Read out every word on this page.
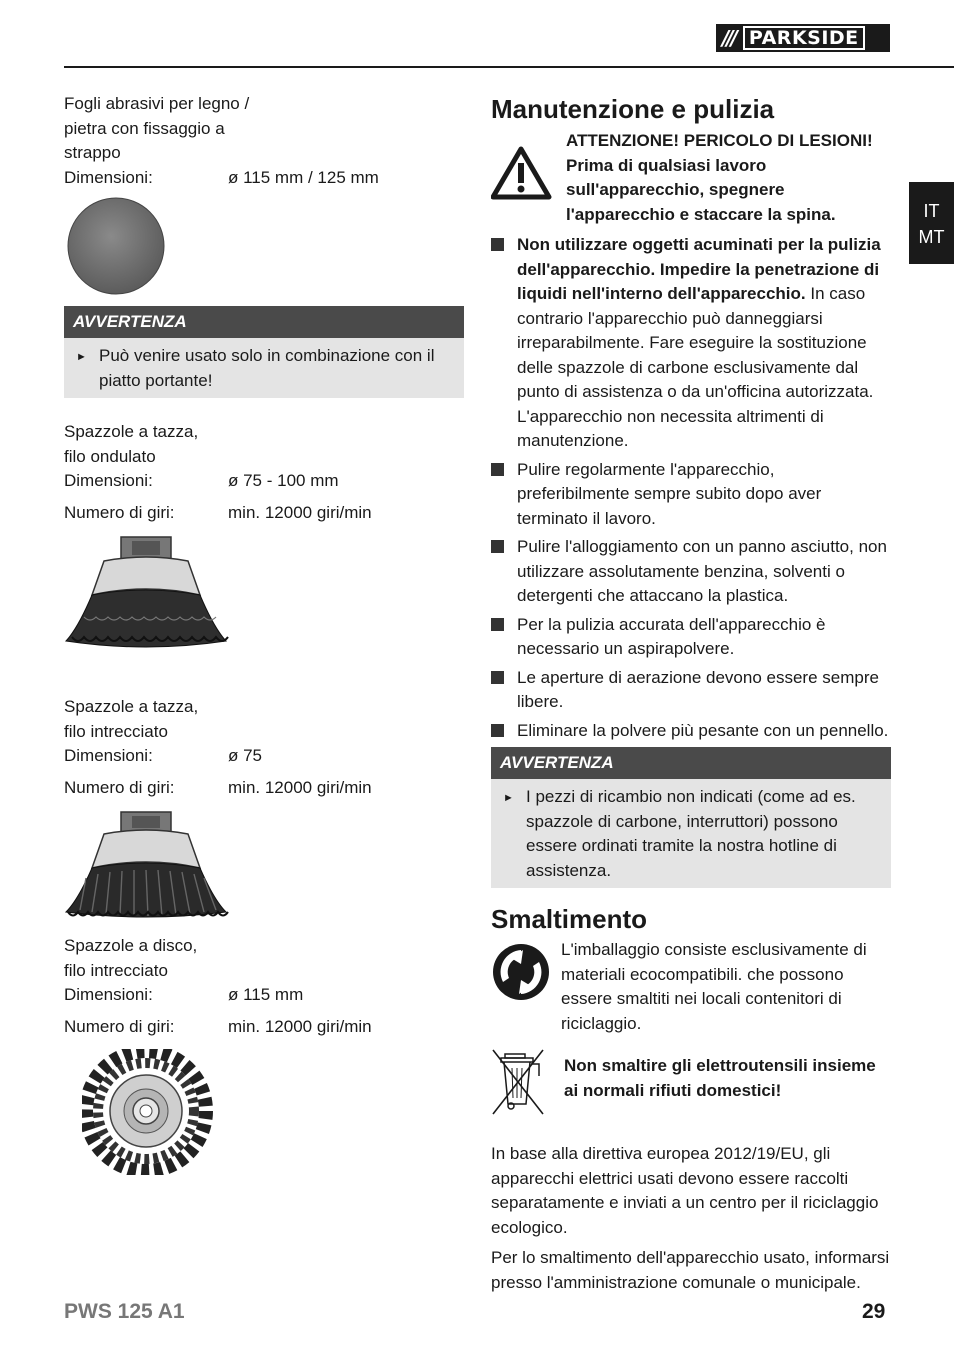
/// PARKSIDE
IT
MT
Fogli abrasivi per legno /
pietra con fissaggio a
strappo
Dimensioni:	ø 115 mm / 125 mm
AVVERTENZA
► Può venire usato solo in combinazione con il piatto portante!
Spazzole a tazza,
filo ondulato
Dimensioni:	ø 75 - 100 mm
Numero di giri:	min. 12000 giri/min
Spazzole a tazza,
filo intrecciato
Dimensioni:	ø 75
Numero di giri:	min. 12000 giri/min
Spazzole a disco,
filo intrecciato
Dimensioni:	ø 115 mm
Numero di giri:	min. 12000 giri/min
Manutenzione e pulizia
ATTENZIONE! PERICOLO DI LESIONI! Prima di qualsiasi lavoro sull'apparecchio, spegnere l'apparecchio e staccare la spina.
Non utilizzare oggetti acuminati per la pulizia dell'apparecchio. Impedire la penetrazione di liquidi nell'interno dell'apparecchio. In caso contrario l'apparecchio può danneggiarsi irreparabilmente. Fare eseguire la sostituzione delle spazzole di carbone esclusivamente dal punto di assistenza o da un'officina autorizzata. L'apparecchio non necessita altrimenti di manutenzione.
Pulire regolarmente l'apparecchio, preferibilmente sempre subito dopo aver terminato il lavoro.
Pulire l'alloggiamento con un panno asciutto, non utilizzare assolutamente benzina, solventi o detergenti che attaccano la plastica.
Per la pulizia accurata dell'apparecchio è necessario un aspirapolvere.
Le aperture di aerazione devono essere sempre libere.
Eliminare la polvere più pesante con un pennello.
AVVERTENZA
► I pezzi di ricambio non indicati (come ad es. spazzole di carbone, interruttori) possono essere ordinati tramite la nostra hotline di assistenza.
Smaltimento
L'imballaggio consiste esclusivamente di materiali ecocompatibili. che possono essere smaltiti nei locali contenitori di riciclaggio.
Non smaltire gli elettroutensili insieme ai normali rifiuti domestici!
In base alla direttiva europea 2012/19/EU, gli apparecchi elettrici usati devono essere raccolti separatamente e inviati a un centro per il riciclaggio ecologico.
Per lo smaltimento dell'apparecchio usato, informarsi presso l'amministrazione comunale o municipale.
PWS 125 A1	29
